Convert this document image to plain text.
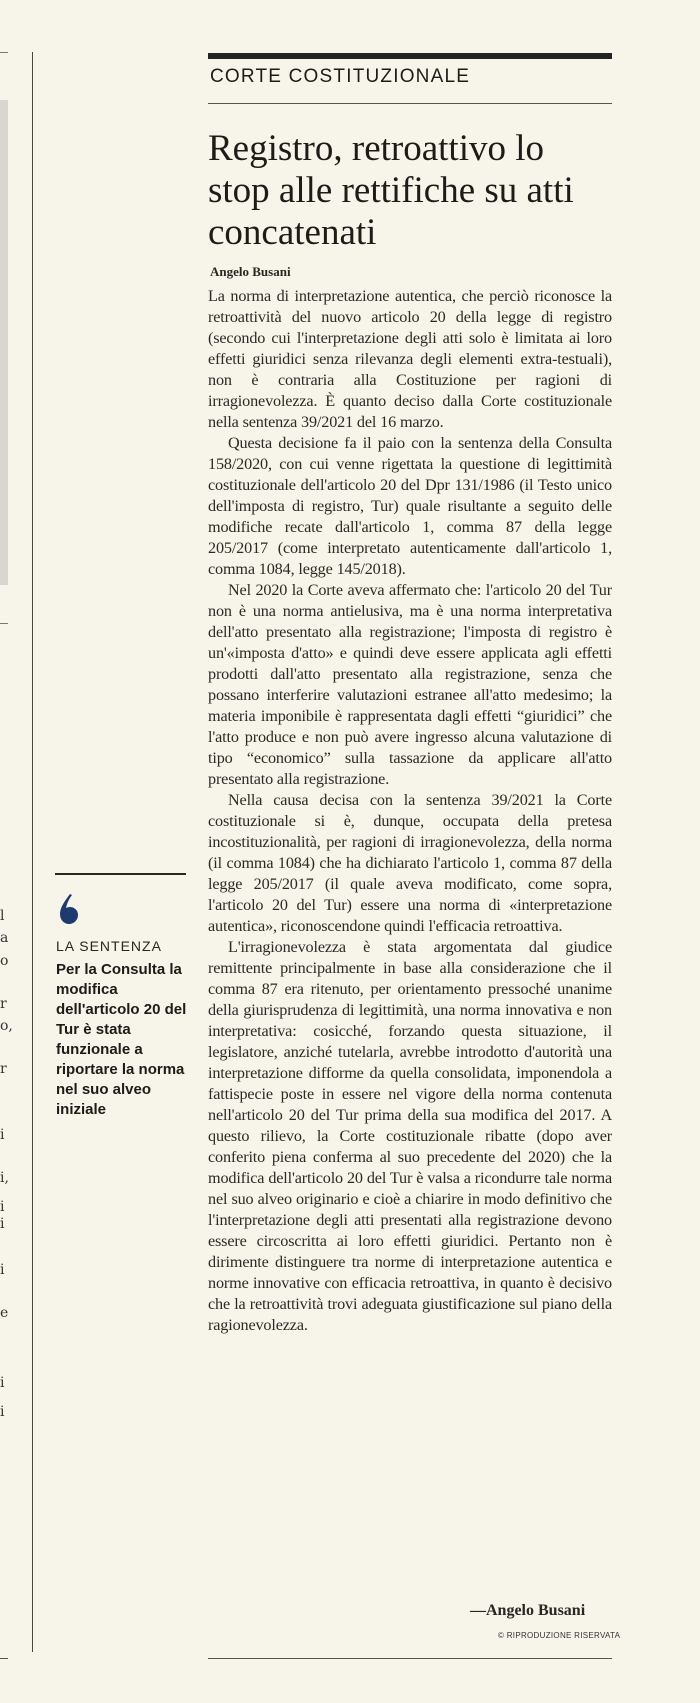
l
a
o
r
o,
r
i
i,
i
i
i
e
i
i
CORTE COSTITUZIONALE
Registro, retroattivo lo stop alle rettifiche su atti concatenati
Angelo Busani

La norma di interpretazione autentica, che perciò riconosce la retroattività del nuovo articolo 20 della legge di registro (secondo cui l'interpretazione degli atti solo è limitata ai loro effetti giuridici senza rilevanza degli elementi extra-testuali), non è contraria alla Costituzione per ragioni di irragionevolezza. È quanto deciso dalla Corte costituzionale nella sentenza 39/2021 del 16 marzo.

Questa decisione fa il paio con la sentenza della Consulta 158/2020, con cui venne rigettata la questione di legittimità costituzionale dell'articolo 20 del Dpr 131/1986 (il Testo unico dell'imposta di registro, Tur) quale risultante a seguito delle modifiche recate dall'articolo 1, comma 87 della legge 205/2017 (come interpretato autenticamente dall'articolo 1, comma 1084, legge 145/2018).

Nel 2020 la Corte aveva affermato che: l'articolo 20 del Tur non è una norma antielusiva, ma è una norma interpretativa dell'atto presentato alla registrazione; l'imposta di registro è un'«imposta d'atto» e quindi deve essere applicata agli effetti prodotti dall'atto presentato alla registrazione, senza che possano interferire valutazioni estranee all'atto medesimo; la materia imponibile è rappresentata dagli effetti “giuridici” che l'atto produce e non può avere ingresso alcuna valutazione di tipo “economico” sulla tassazione da applicare all'atto presentato alla registrazione.

Nella causa decisa con la sentenza 39/2021 la Corte costituzionale si è, dunque, occupata della pretesa incostituzionalità, per ragioni di irragionevolezza, della norma (il comma 1084) che ha dichiarato l'articolo 1, comma 87 della legge 205/2017 (il quale aveva modificato, come sopra, l'articolo 20 del Tur) essere una norma di «interpretazione autentica», riconoscendone quindi l'efficacia retroattiva.

L'irragionevolezza è stata argomentata dal giudice remittente principalmente in base alla considerazione che il comma 87 era ritenuto, per orientamento pressoché unanime della giurisprudenza di legittimità, una norma innovativa e non interpretativa: cosicché, forzando questa situazione, il legislatore, anziché tutelarla, avrebbe introdotto d'autorità una interpretazione difforme da quella consolidata, imponendola a fattispecie poste in essere nel vigore della norma contenuta nell'articolo 20 del Tur prima della sua modifica del 2017. A questo rilievo, la Corte costituzionale ribatte (dopo aver conferito piena conferma al suo precedente del 2020) che la modifica dell'articolo 20 del Tur è valsa a ricondurre tale norma nel suo alveo originario e cioè a chiarire in modo definitivo che l'interpretazione degli atti presentati alla registrazione devono essere circoscritta ai loro effetti giuridici. Pertanto non è dirimente distinguere tra norme di interpretazione autentica e norme innovative con efficacia retroattiva, in quanto è decisivo che la retroattività trovi adeguata giustificazione sul piano della ragionevolezza.

—Angelo Busani
© RIPRODUZIONE RISERVATA
LA SENTENZA
Per la Consulta la modifica dell'articolo 20 del Tur è stata funzionale a riportare la norma nel suo alveo iniziale
